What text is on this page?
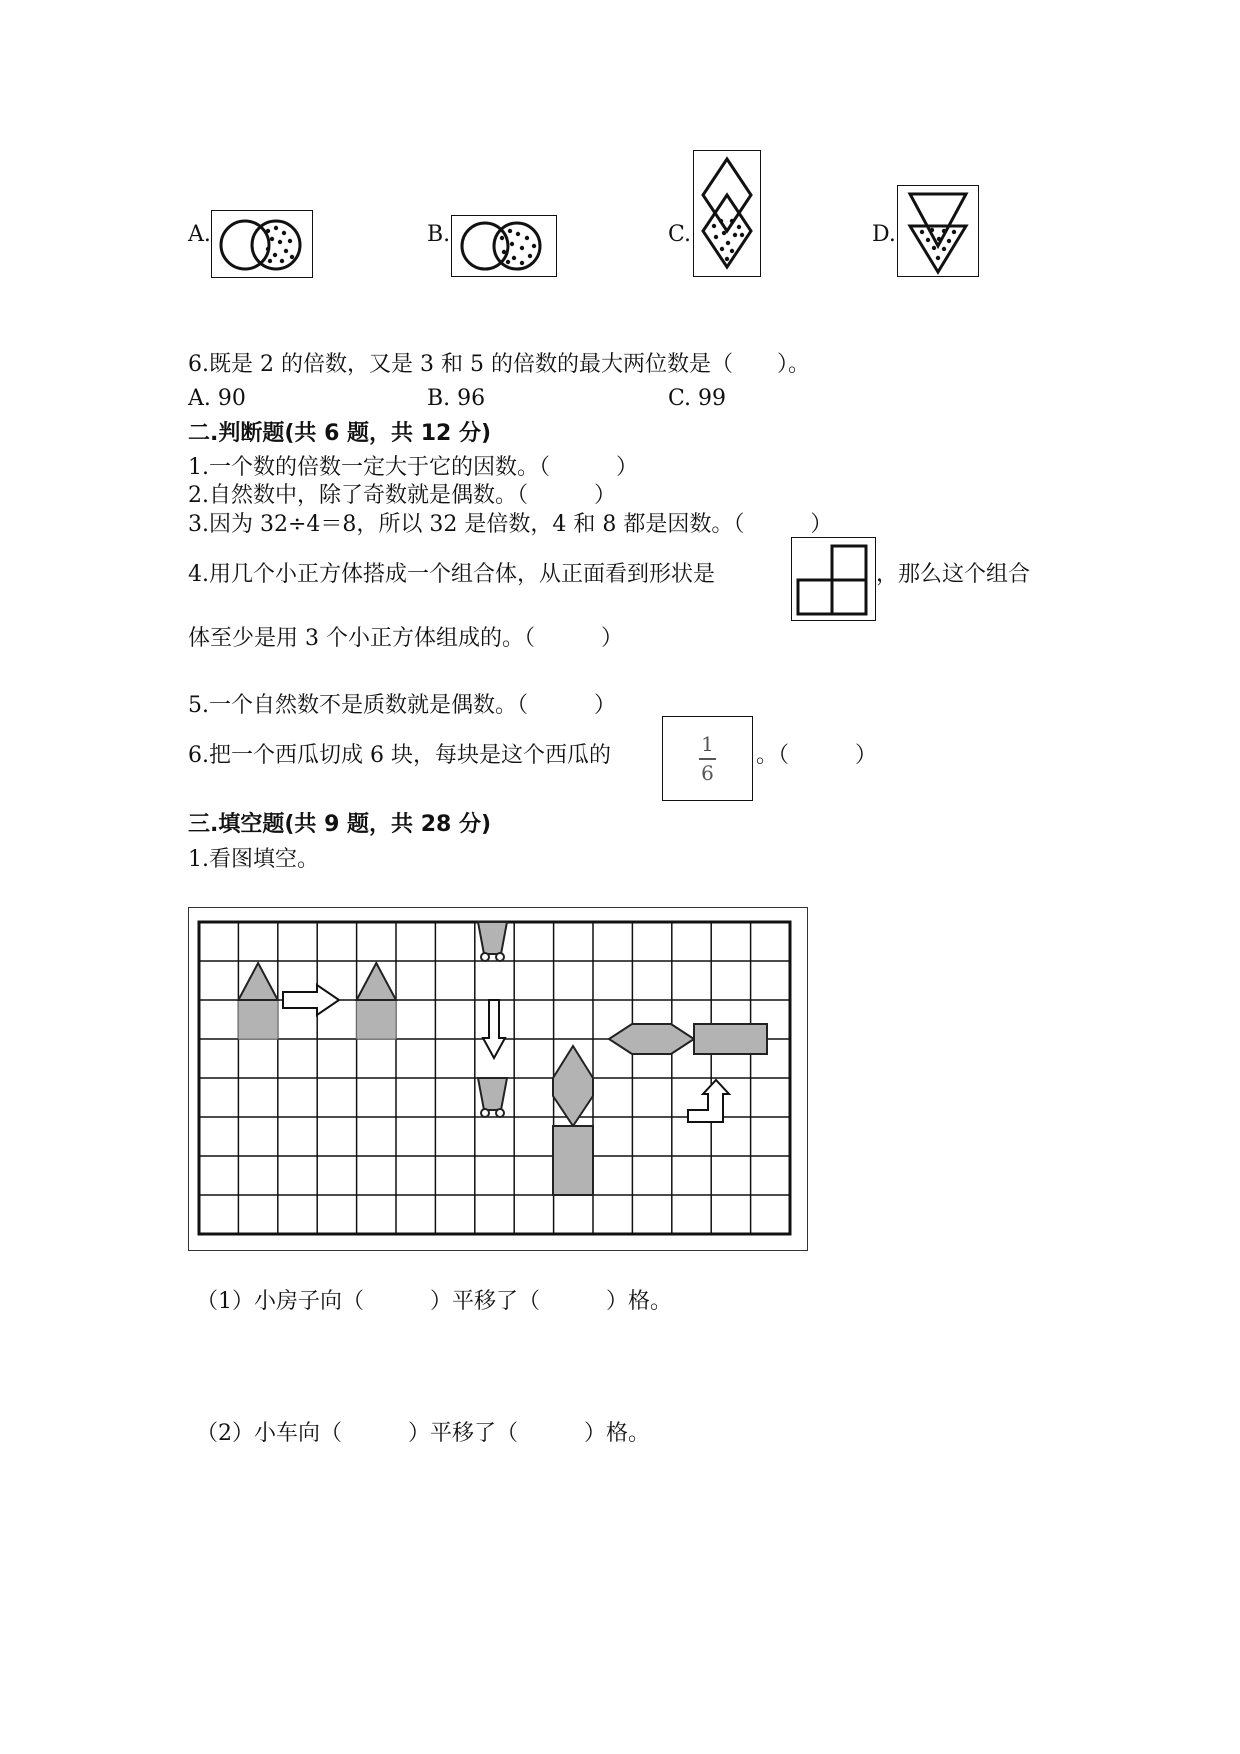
A.	B.	C.	D.
6.既是 2 的倍数，又是 3 和 5 的倍数的最大两位数是（　　）。
A. 90	B. 96	C. 99
二.判断题(共 6 题，共 12 分)
1.一个数的倍数一定大于它的因数。（　　　）
2.自然数中，除了奇数就是偶数。（　　　）
3.因为 32÷4＝8，所以 32 是倍数，4 和 8 都是因数。（　　　）
4.用几个小正方体搭成一个组合体，从正面看到形状是	，那么这个组合
体至少是用 3 个小正方体组成的。（　　　）
5.一个自然数不是质数就是偶数。（　　　）
6.把一个西瓜切成 6 块，每块是这个西瓜的	1
6
。（　　　）
三.填空题(共 9 题，共 28 分)
1.看图填空。
（1）小房子向（　　　）平移了（　　　）格。
（2）小车向（　　　）平移了（　　　）格。
